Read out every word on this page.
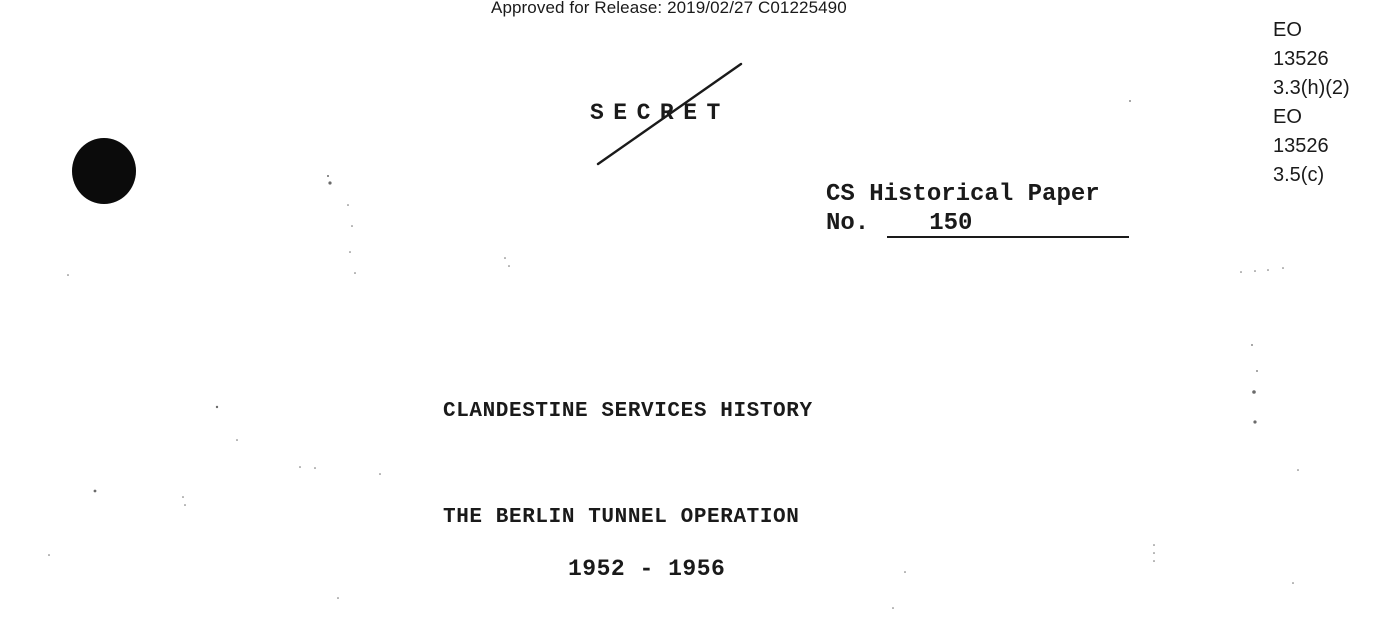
Approved for Release: 2019/02/27 C01225490
EO
13526
3.3(h)(2)
EO
13526
3.5(c)
SECRET
CS Historical Paper
No.	150
CLANDESTINE SERVICES HISTORY
THE BERLIN TUNNEL OPERATION
1952 - 1956
